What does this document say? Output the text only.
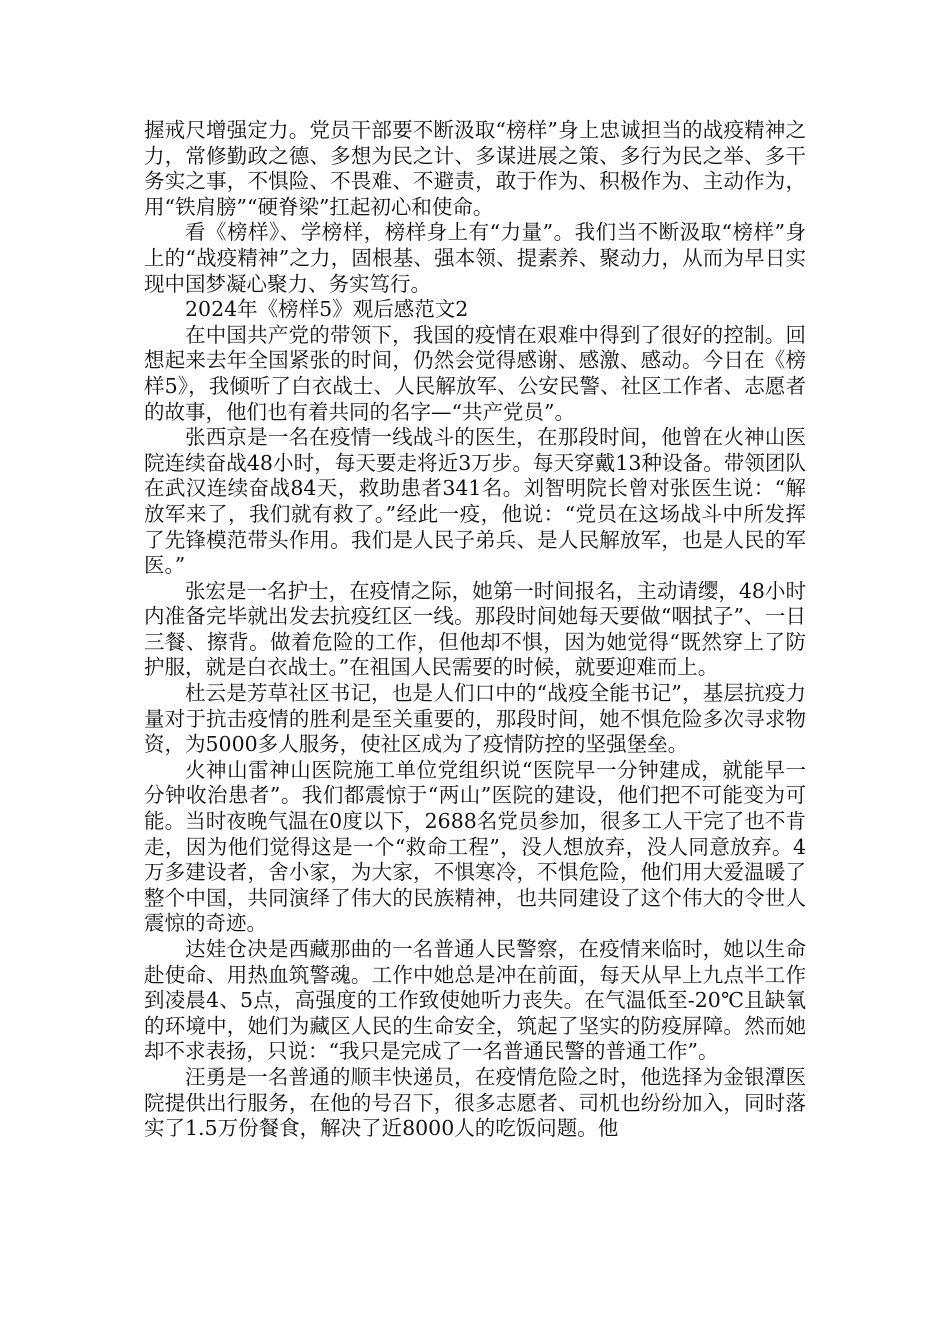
握戒尺增强定力。党员干部要不断汲取“榜样”身上忠诚担当的战疫精神之力，常修勤政之德、多想为民之计、多谋进展之策、多行为民之举、多干务实之事，不惧险、不畏难、不避责，敢于作为、积极作为、主动作为，用“铁肩膀”“硬脊梁”扛起初心和使命。

看《榜样》、学榜样，榜样身上有“力量”。我们当不断汲取“榜样”身上的“战疫精神”之力，固根基、强本领、提素养、聚动力，从而为早日实现中国梦凝心聚力、务实笃行。

2024年《榜样5》观后感范文2

在中国共产党的带领下，我国的疫情在艰难中得到了很好的控制。回想起来去年全国紧张的时间，仍然会觉得感谢、感激、感动。今日在《榜样5》，我倾听了白衣战士、人民解放军、公安民警、社区工作者、志愿者的故事，他们也有着共同的名字—“共产党员”。

张西京是一名在疫情一线战斗的医生，在那段时间，他曾在火神山医院连续奋战48小时，每天要走将近3万步。每天穿戴13种设备。带领团队在武汉连续奋战84天，救助患者341名。刘智明院长曾对张医生说：“解放军来了，我们就有救了。”经此一疫，他说：“党员在这场战斗中所发挥了先锋模范带头作用。我们是人民子弟兵、是人民解放军，也是人民的军医。”

张宏是一名护士，在疫情之际，她第一时间报名，主动请缨，48小时内准备完毕就出发去抗疫红区一线。那段时间她每天要做“咽拭子”、一日三餐、擦背。做着危险的工作，但他却不惧，因为她觉得“既然穿上了防护服，就是白衣战士。”在祖国人民需要的时候，就要迎难而上。

杜云是芳草社区书记，也是人们口中的“战疫全能书记”，基层抗疫力量对于抗击疫情的胜利是至关重要的，那段时间，她不惧危险多次寻求物资，为5000多人服务，使社区成为了疫情防控的坚强堡垒。

火神山雷神山医院施工单位党组织说“医院早一分钟建成，就能早一分钟收治患者”。我们都震惊于“两山”医院的建设，他们把不可能变为可能。当时夜晚气温在0度以下，2688名党员参加，很多工人干完了也不肯走，因为他们觉得这是一个“救命工程”，没人想放弃，没人同意放弃。4万多建设者，舍小家，为大家，不惧寒冷，不惧危险，他们用大爱温暖了整个中国，共同演绎了伟大的民族精神，也共同建设了这个伟大的令世人震惊的奇迹。

达娃仓决是西藏那曲的一名普通人民警察，在疫情来临时，她以生命赴使命、用热血筑警魂。工作中她总是冲在前面，每天从早上九点半工作到凌晨4、5点，高强度的工作致使她听力丧失。在气温低至-20℃且缺氧的环境中，她们为藏区人民的生命安全，筑起了坚实的防疫屏障。然而她却不求表扬，只说：“我只是完成了一名普通民警的普通工作”。

汪勇是一名普通的顺丰快递员，在疫情危险之时，他选择为金银潭医院提供出行服务，在他的号召下，很多志愿者、司机也纷纷加入，同时落实了1.5万份餐食，解决了近8000人的吃饭问题。他
